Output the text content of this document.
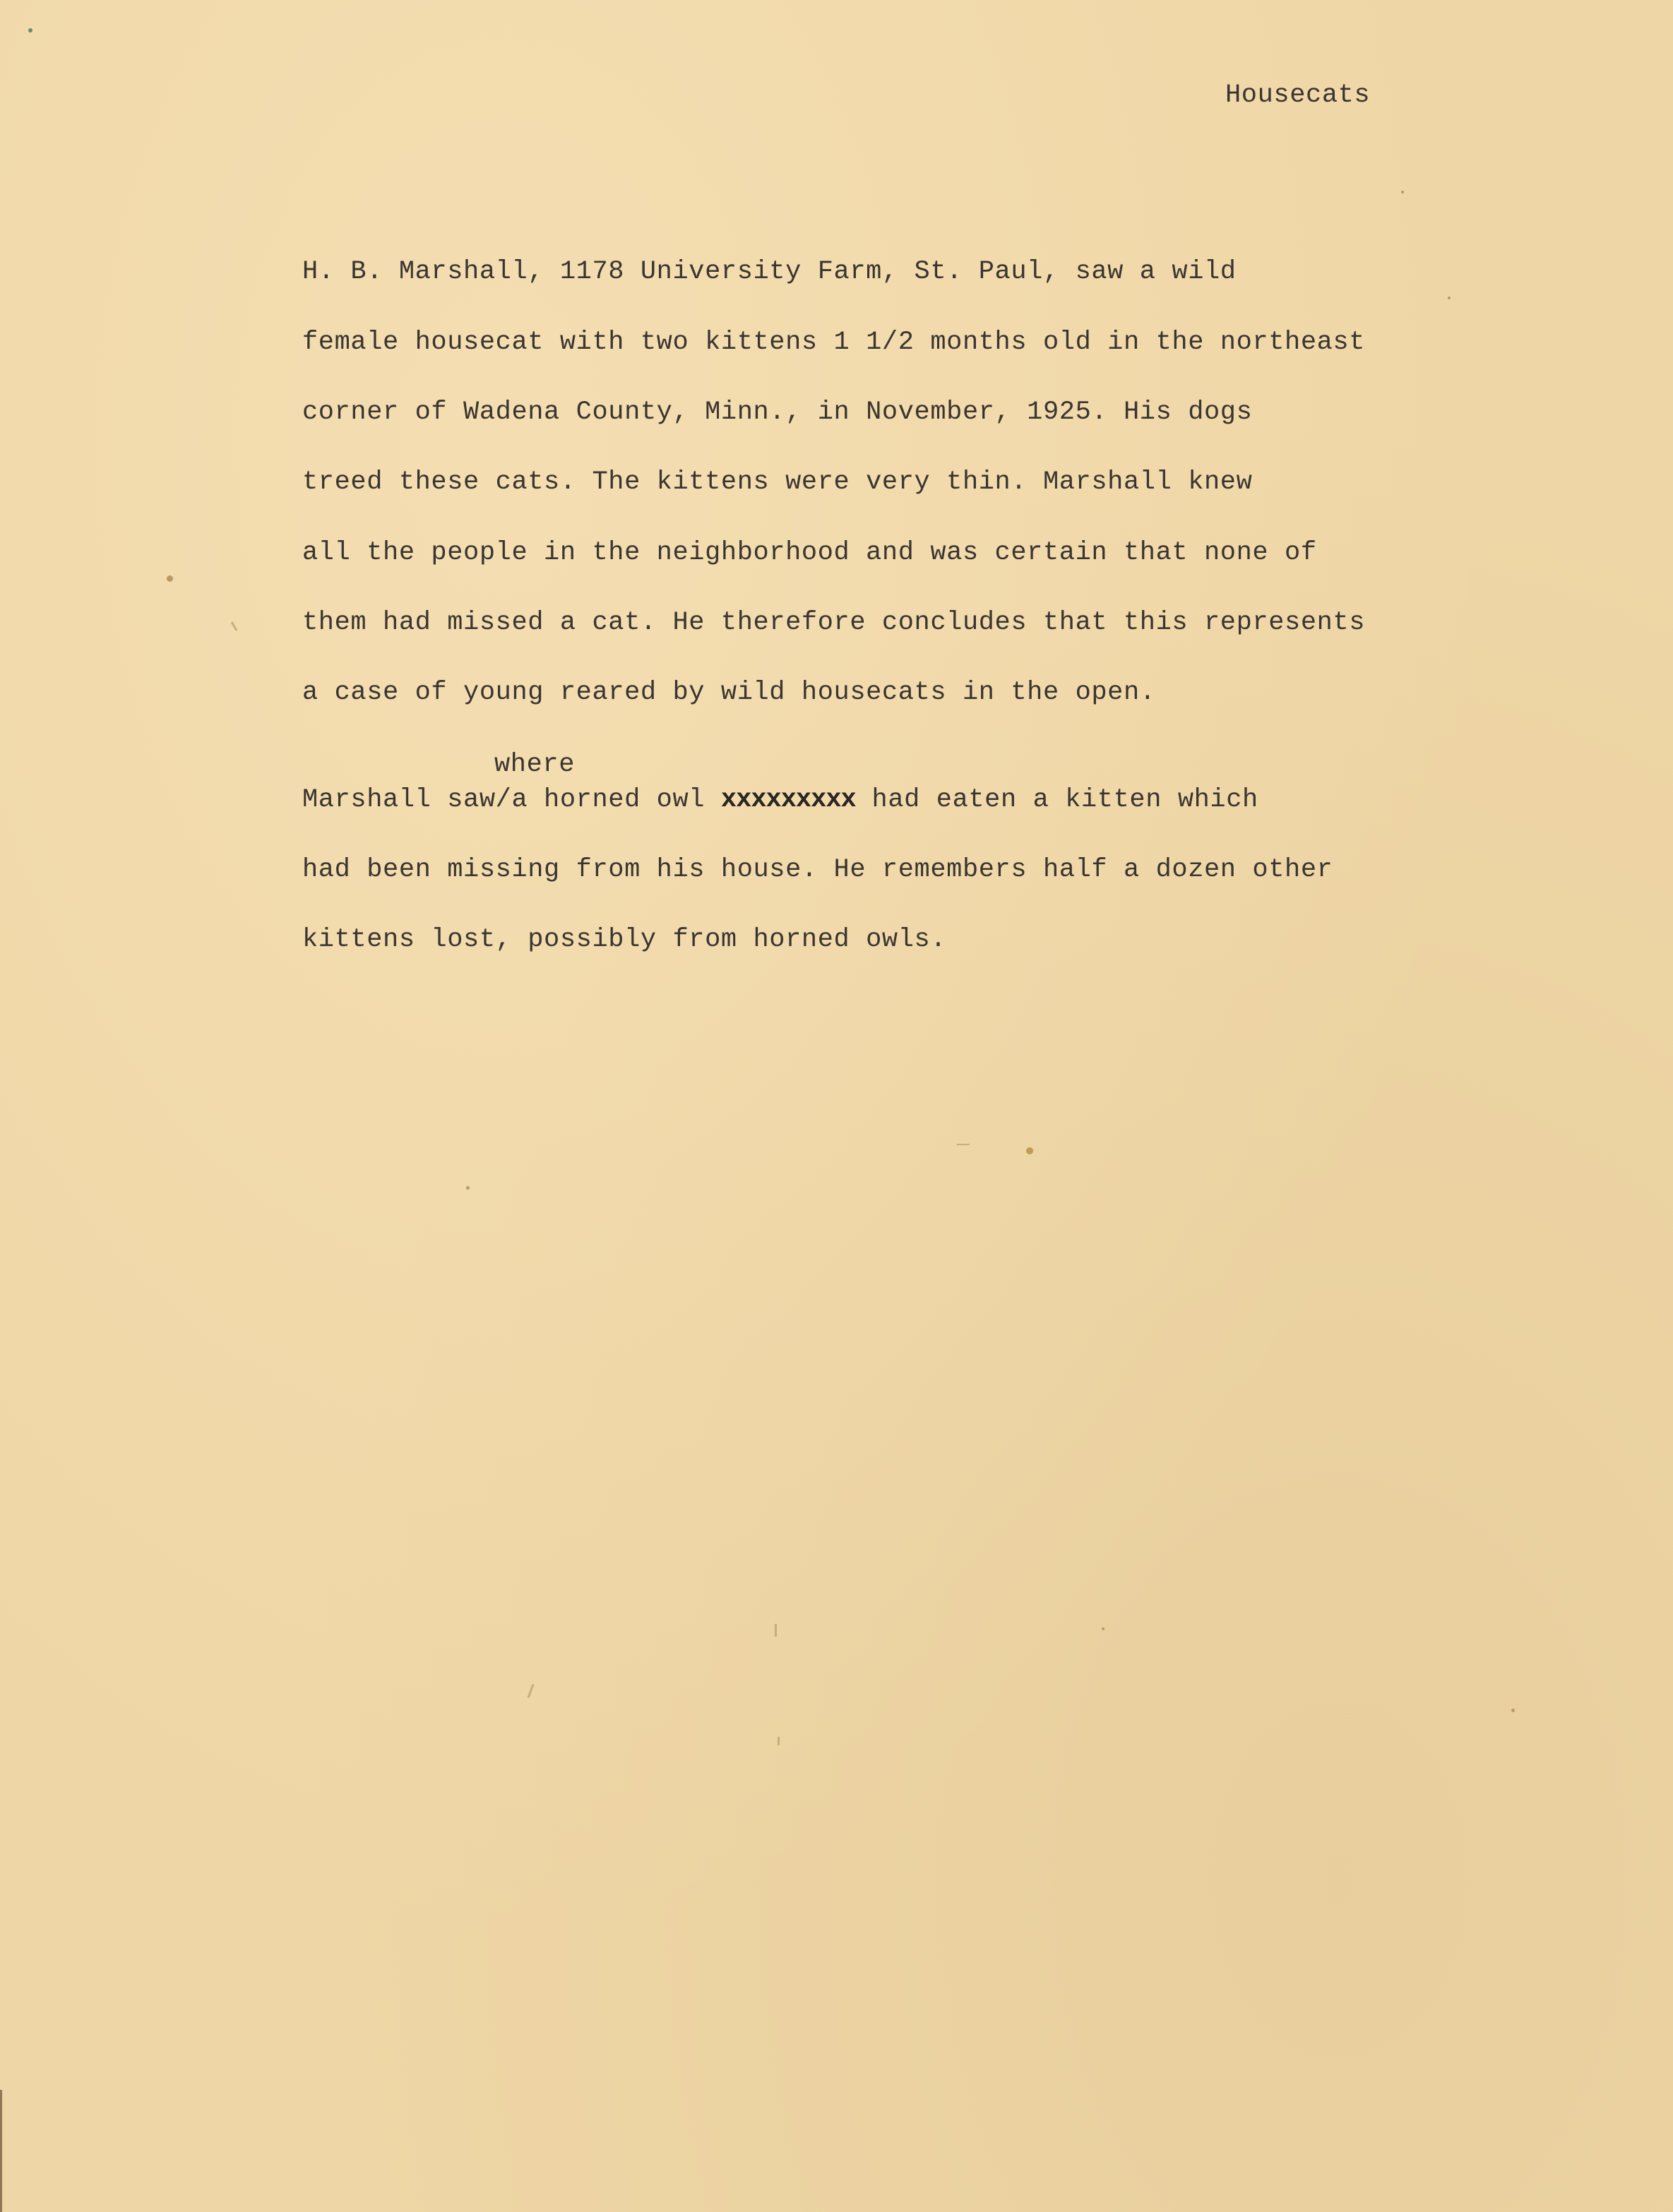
Housecats
H. B. Marshall, 1178 University Farm, St. Paul, saw a wild
female housecat with two kittens 1 1/2 months old in the northeast
corner of Wadena County, Minn., in November, 1925. His dogs
treed these cats. The kittens were very thin. Marshall knew
all the people in the neighborhood and was certain that none of
them had missed a cat. He therefore concludes that this represents
a case of young reared by wild housecats in the open.
where
Marshall saw/a horned owl xxxxxxxxx had eaten a kitten which
had been missing from his house. He remembers half a dozen other
kittens lost, possibly from horned owls.
